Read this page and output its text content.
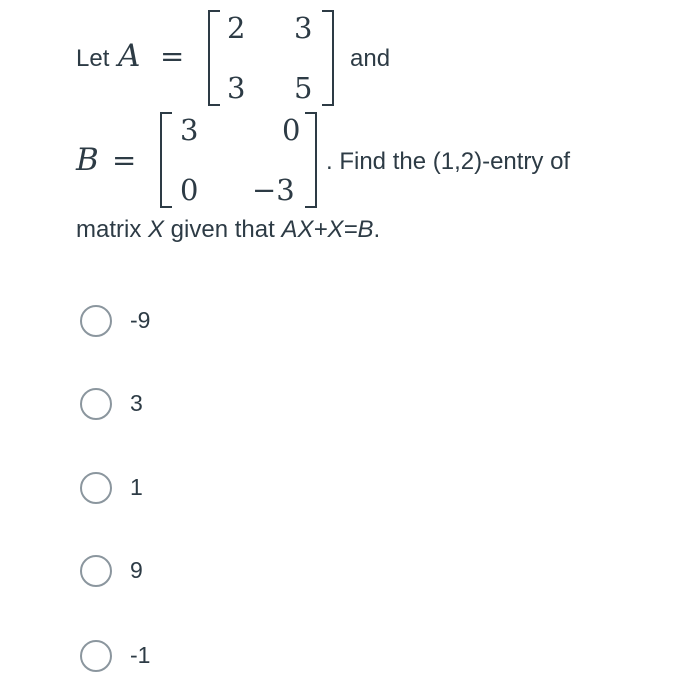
Let A =
2 3
3 5
and
B =
3	0
0 −3
. Find the (1,2)-entry of
matrix X given that AX+X=B.
-9
3
1
9
-1
